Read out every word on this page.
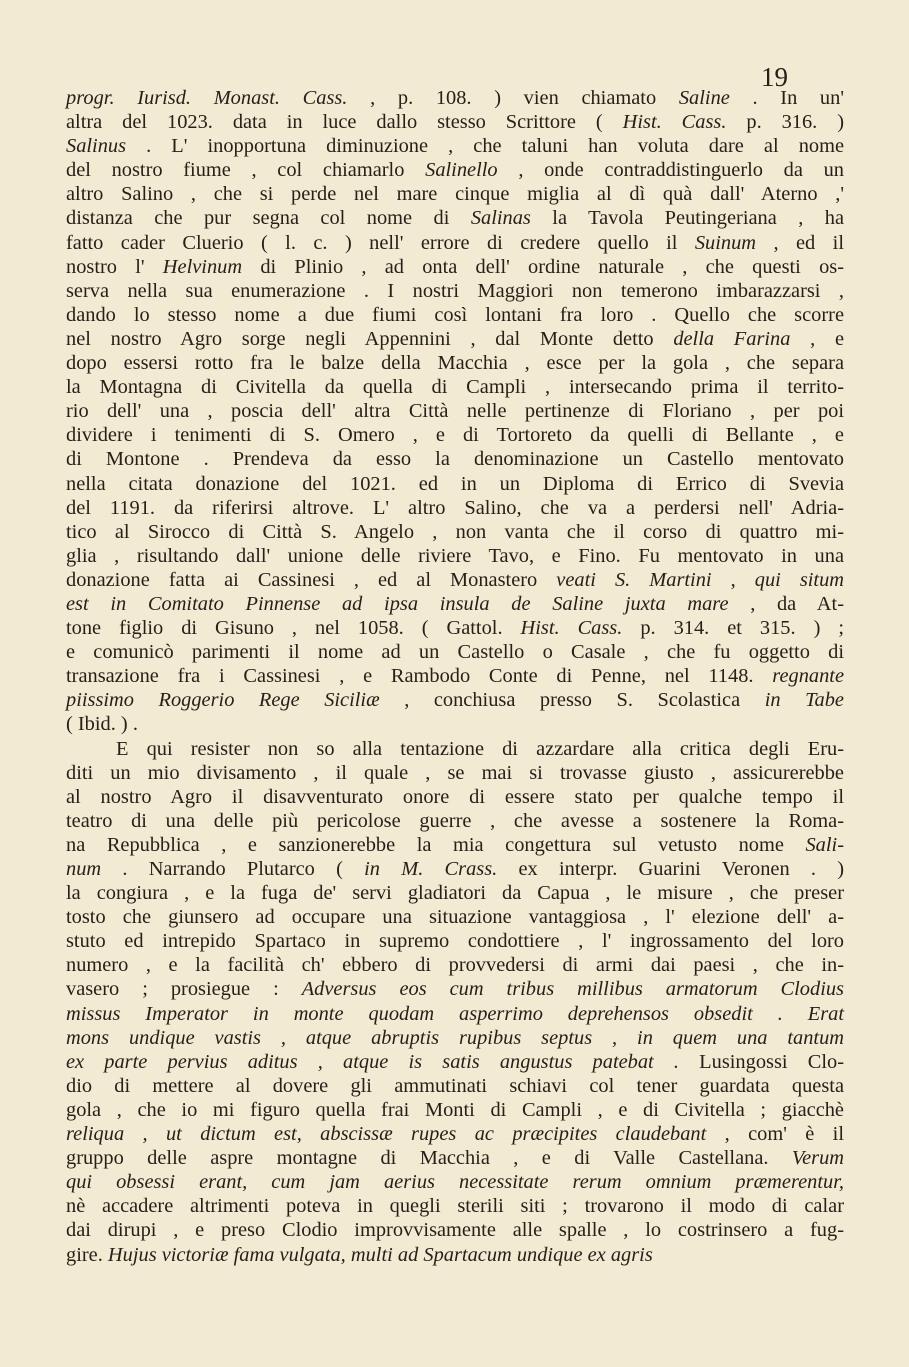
19
progr. Iurisd. Monast. Cass. , p. 108. ) vien chiamato Saline . In un'
altra del 1023. data in luce dallo stesso Scrittore ( Hist. Cass. p. 316. )
Salinus . L' inopportuna diminuzione , che taluni han voluta dare al nome
del nostro fiume , col chiamarlo Salinello , onde contraddistinguerlo da un
altro Salino , che si perde nel mare cinque miglia al dì quà dall' Aterno ,'
distanza che pur segna col nome di Salinas la Tavola Peutingeriana , ha
fatto cader Cluerio ( l. c. ) nell' errore di credere quello il Suinum , ed il
nostro l' Helvinum di Plinio , ad onta dell' ordine naturale , che questi os-
serva nella sua enumerazione . I nostri Maggiori non temerono imbarazzarsi ,
dando lo stesso nome a due fiumi così lontani fra loro . Quello che scorre
nel nostro Agro sorge negli Appennini , dal Monte detto della Farina , e
dopo essersi rotto fra le balze della Macchia , esce per la gola , che separa
la Montagna di Civitella da quella di Campli , intersecando prima il territo-
rio dell' una , poscia dell' altra Città nelle pertinenze di Floriano , per poi
dividere i tenimenti di S. Omero , e di Tortoreto da quelli di Bellante , e
di Montone . Prendeva da esso la denominazione un Castello mentovato
nella citata donazione del 1021. ed in un Diploma di Errico di Svevia
del 1191. da riferirsi altrove. L' altro Salino, che va a perdersi nell' Adria-
tico al Sirocco di Città S. Angelo , non vanta che il corso di quattro mi-
glia , risultando dall' unione delle riviere Tavo, e Fino. Fu mentovato in una
donazione fatta ai Cassinesi , ed al Monastero veati S. Martini , qui situm
est in Comitato Pinnense ad ipsa insula de Saline juxta mare , da At-
tone figlio di Gisuno , nel 1058. ( Gattol. Hist. Cass. p. 314. et 315. ) ;
e comunicò parimenti il nome ad un Castello o Casale , che fu oggetto di
transazione fra i Cassinesi , e Rambodo Conte di Penne, nel 1148. regnante
piissimo Roggerio Rege Siciliæ , conchiusa presso S. Scolastica in Tabe
( Ibid. ) .
E qui resister non so alla tentazione di azzardare alla critica degli Eru-
diti un mio divisamento , il quale , se mai si trovasse giusto , assicurerebbe
al nostro Agro il disavventurato onore di essere stato per qualche tempo il
teatro di una delle più pericolose guerre , che avesse a sostenere la Roma-
na Repubblica , e sanzionerebbe la mia congettura sul vetusto nome Sali-
num . Narrando Plutarco ( in M. Crass. ex interpr. Guarini Veronen . )
la congiura , e la fuga de' servi gladiatori da Capua , le misure , che preser
tosto che giunsero ad occupare una situazione vantaggiosa , l' elezione dell' a-
stuto ed intrepido Spartaco in supremo condottiere , l' ingrossamento del loro
numero , e la facilità ch' ebbero di provvedersi di armi dai paesi , che in-
vasero ; prosiegue : Adversus eos cum tribus millibus armatorum Clodius
missus Imperator in monte quodam asperrimo deprehensos obsedit . Erat
mons undique vastis , atque abruptis rupibus septus , in quem una tantum
ex parte pervius aditus , atque is satis angustus patebat . Lusingossi Clo-
dio di mettere al dovere gli ammutinati schiavi col tener guardata questa
gola , che io mi figuro quella frai Monti di Campli , e di Civitella ; giacchè
reliqua , ut dictum est, abscissæ rupes ac præcipites claudebant , com' è il
gruppo delle aspre montagne di Macchia , e di Valle Castellana. Verum
qui obsessi erant, cum jam aerius necessitate rerum omnium præmerentur,
nè accadere altrimenti poteva in quegli sterili siti ; trovarono il modo di calar
dai dirupi , e preso Clodio improvvisamente alle spalle , lo costrinsero a fug-
gire. Hujus victoriæ fama vulgata, multi ad Spartacum undique ex agris
